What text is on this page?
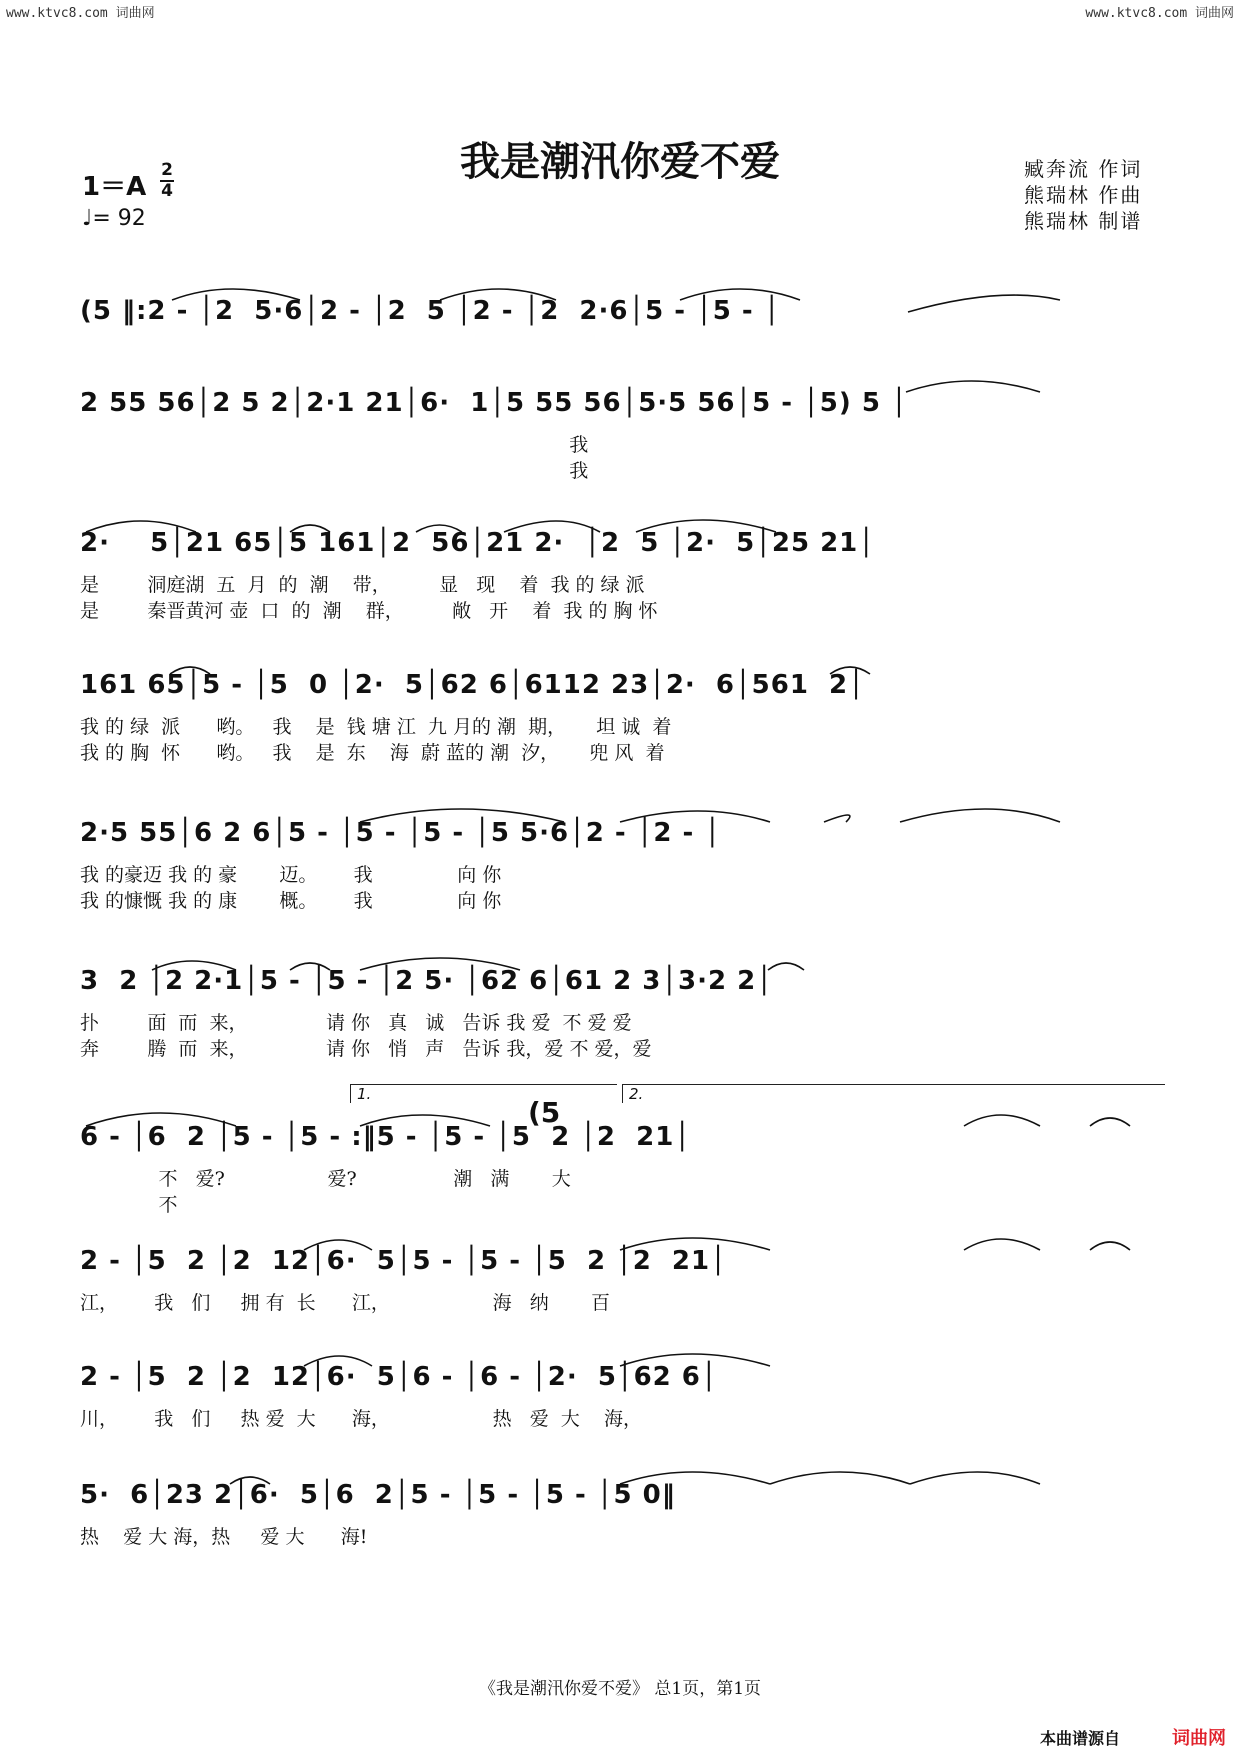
www.ktvc8.com 词曲网	www.ktvc8.com 词曲网
我是潮汛你爱不爱	臧奔流 作词
熊瑞林 作曲
熊瑞林 制谱
1＝A
2
4
♩= 92
(5 ‖:2 - │2  5·6│2 - │2  5 │2 - │2  2·6│5 - │5 - │
2 55 56│2 5 2│2·1 21│6·  1│5 55 56│5·5 56│5 - │5) 5 │
我
我
2·    5│21 65│5 161│2  56│21 2·  │2  5 │2·  5│25 21│
是        洞庭湖  五  月  的  潮    带，        显   现    着  我 的 绿 派
是        秦晋黄河 壶  口  的  潮    群，        敞   开    着  我 的 胸 怀
161 65│5 - │5  0 │2·  5│62 6│6112 23│2·  6│561  2│
我 的 绿  派      哟。   我    是  钱 塘 江  九 月的 潮  期，     坦 诚  着
我 的 胸  怀      哟。   我    是  东    海  蔚 蓝的 潮  汐，     兜 风  着
2·5 55│6 2 6│5 - │5 - │5 - │5 5·6│2 - │2 - │
我 的豪迈 我 的 豪       迈。      我              向 你
我 的慷慨 我 的 康       概。      我              向 你
3  2 │2 2·1│5 - │5 - │2 5· │62 6│61 2 3│3·2 2│
扑        面  而  来，             请 你   真   诚   告诉 我 爱  不 爱 爱
奔        腾  而  来，             请 你   悄   声   告诉 我，爱 不 爱，爱
1.
(5
2.
6 - │6  2 │5 - │5 - :‖5 - │5 - │5  2 │2  21│
不   爱?                 爱?                潮   满       大
不
2 - │5  2 │2  12│6·  5│5 - │5 - │5  2 │2  21│
江，      我   们     拥 有  长      江，                 海   纳       百
2 - │5  2 │2  12│6·  5│6 - │6 - │2·  5│62 6│
川，      我   们     热 爱  大      海，                 热   爱  大    海，
5·  6│23 2│6·  5│6  2│5 - │5 - │5 - │5 0‖
热    爱 大 海，热     爱 大      海!
《我是潮汛你爱不爱》 总1页，第1页
本曲谱源自	词曲网
